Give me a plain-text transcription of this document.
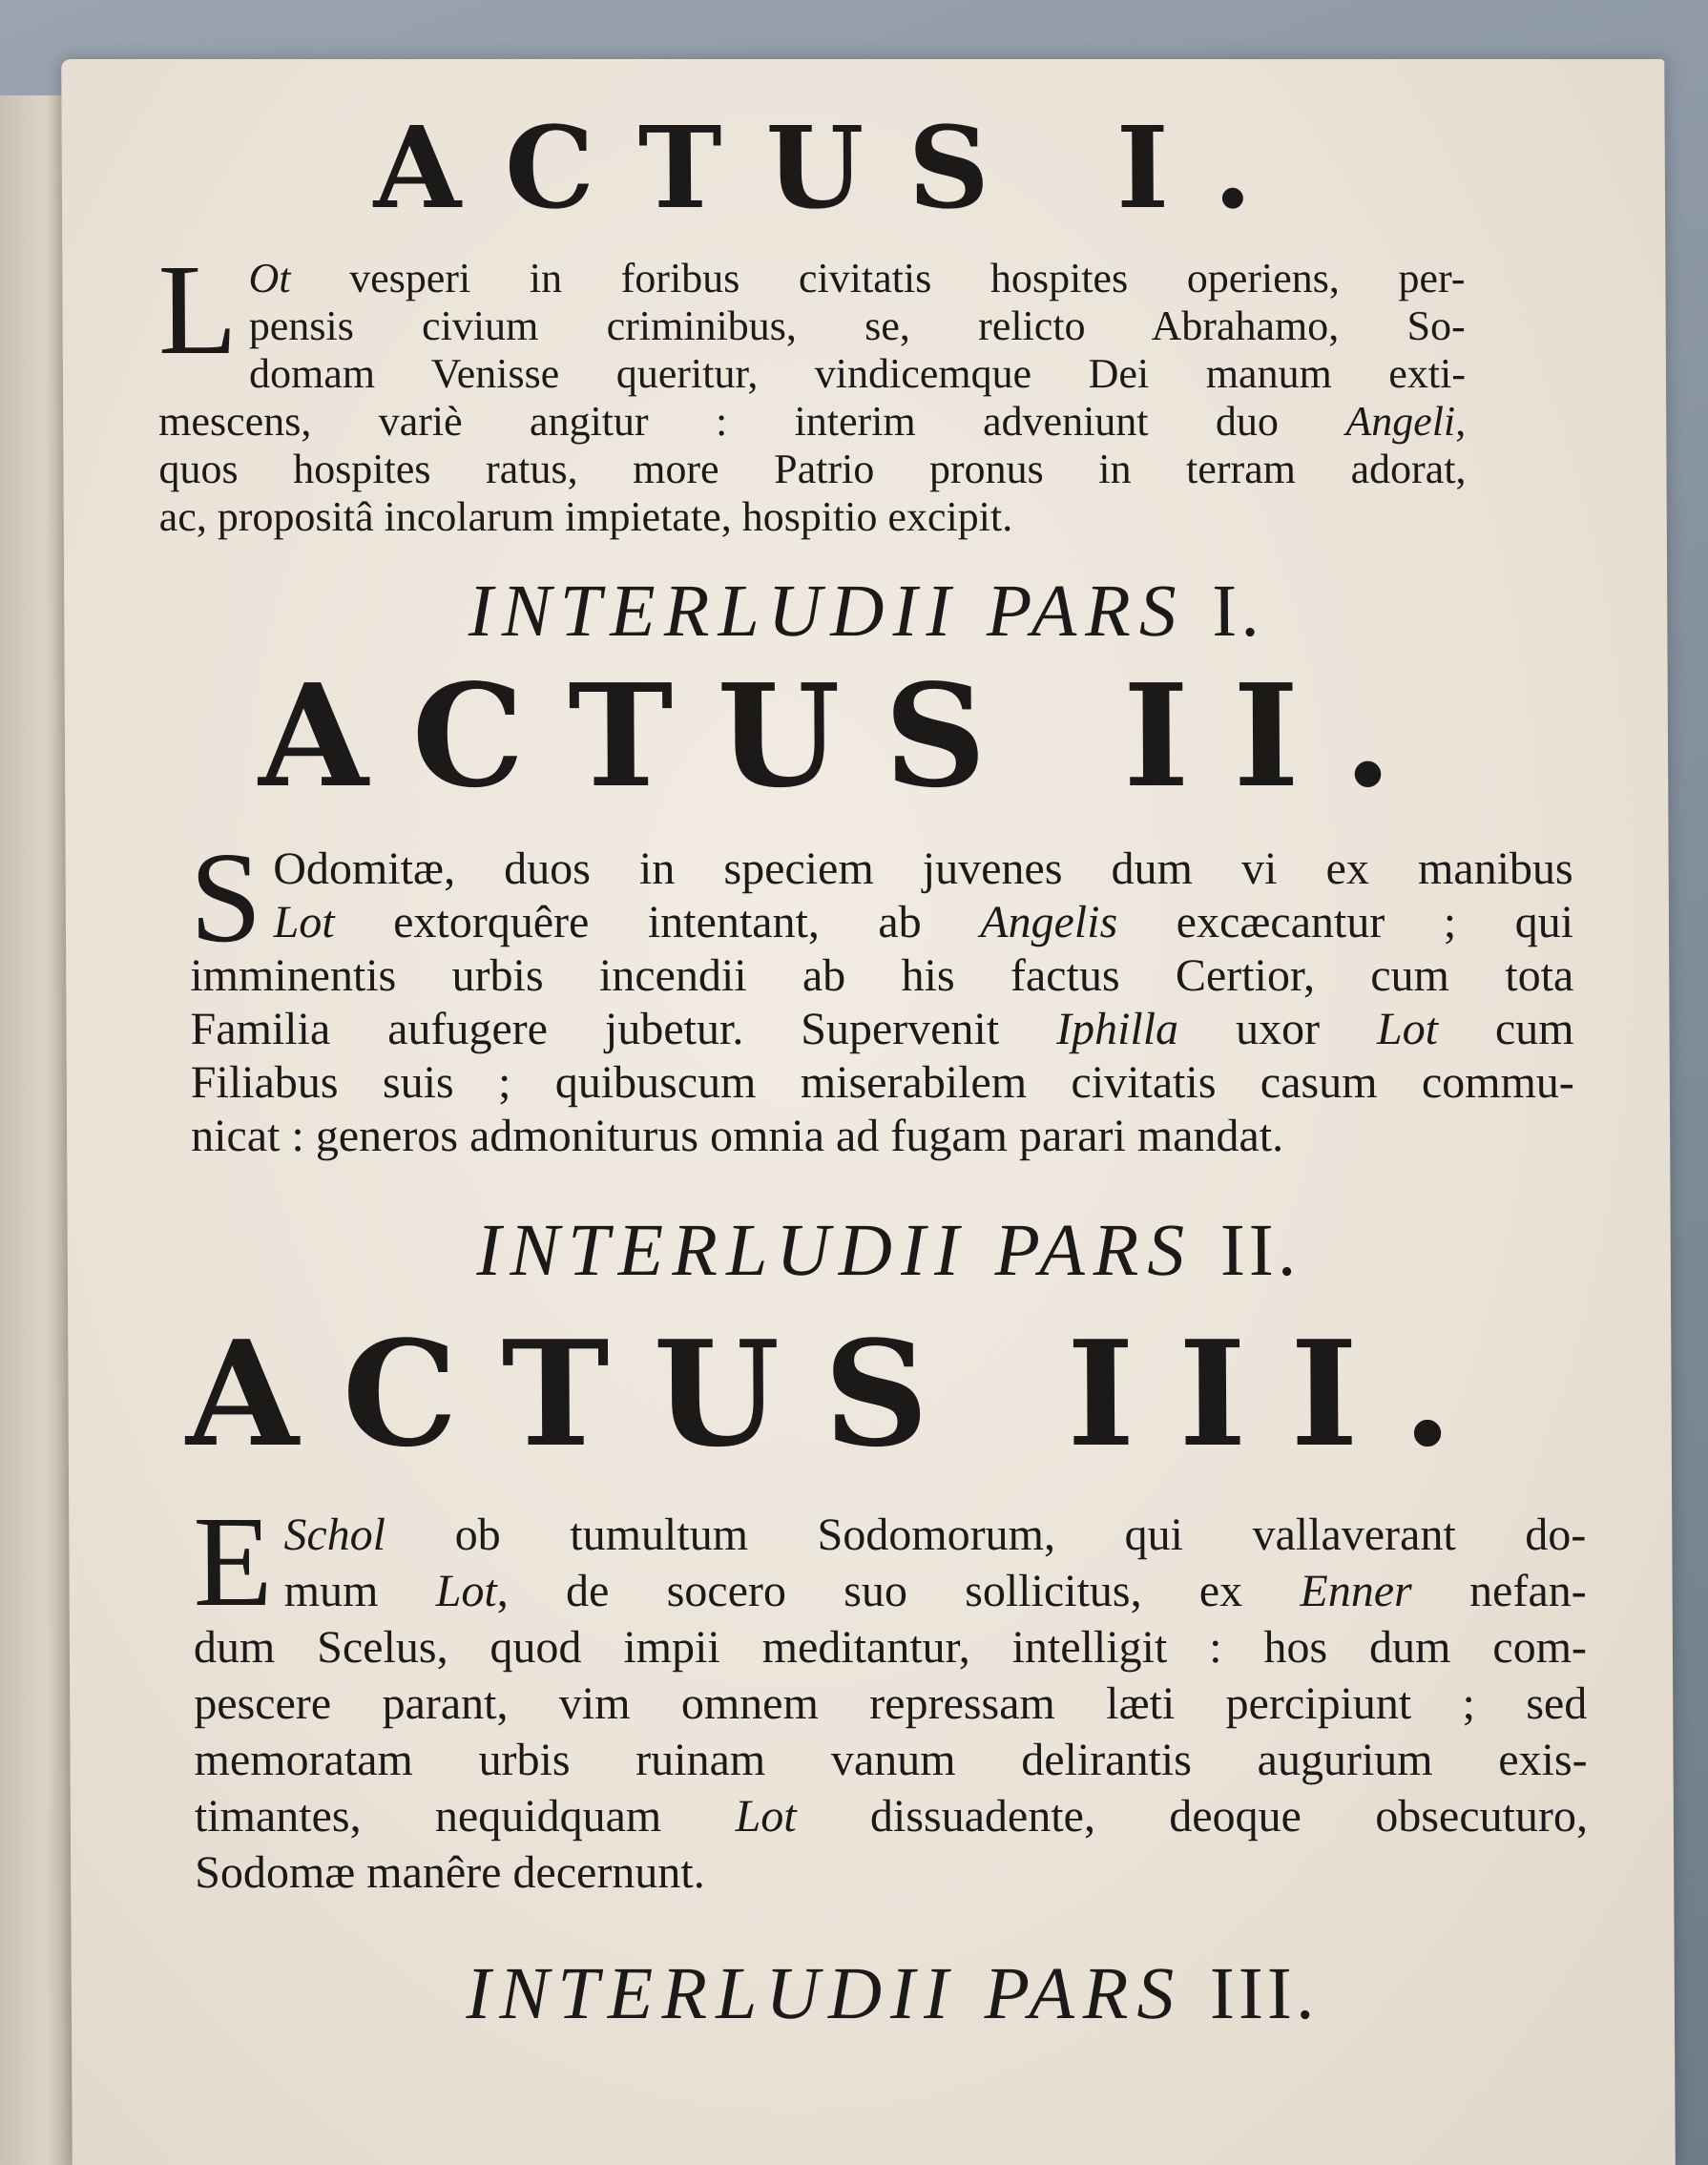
ACTUS I.

L Ot vesperi in foribus civitatis hospites operiens, per-
pensis civium criminibus, se, relicto Abrahamo, So-
domam Venisse queritur, vindicemque Dei manum exti-
mescens, variè angitur : interim adveniunt duo Angeli,
quos hospites ratus, more Patrio pronus in terram adorat,
ac, propositâ incolarum impietate, hospitio excipit.

INTERLUDII PARS I.

ACTUS II.

S Odomitæ, duos in speciem juvenes dum vi ex manibus
Lot extorquêre intentant, ab Angelis excæcantur ; qui
imminentis urbis incendii ab his factus Certior, cum tota
Familia aufugere jubetur. Supervenit Iphilla uxor Lot cum
Filiabus suis ; quibuscum miserabilem civitatis casum commu-
nicat : generos admoniturus omnia ad fugam parari mandat.

INTERLUDII PARS II.

ACTUS III.

E Schol ob tumultum Sodomorum, qui vallaverant do-
mum Lot, de socero suo sollicitus, ex Enner nefan-
dum Scelus, quod impii meditantur, intelligit : hos dum com-
pescere parant, vim omnem repressam læti percipiunt ; sed
memoratam urbis ruinam vanum delirantis augurium exis-
timantes, nequidquam Lot dissuadente, deoque obsecuturo,
Sodomæ manêre decernunt.

INTERLUDII PARS III.
